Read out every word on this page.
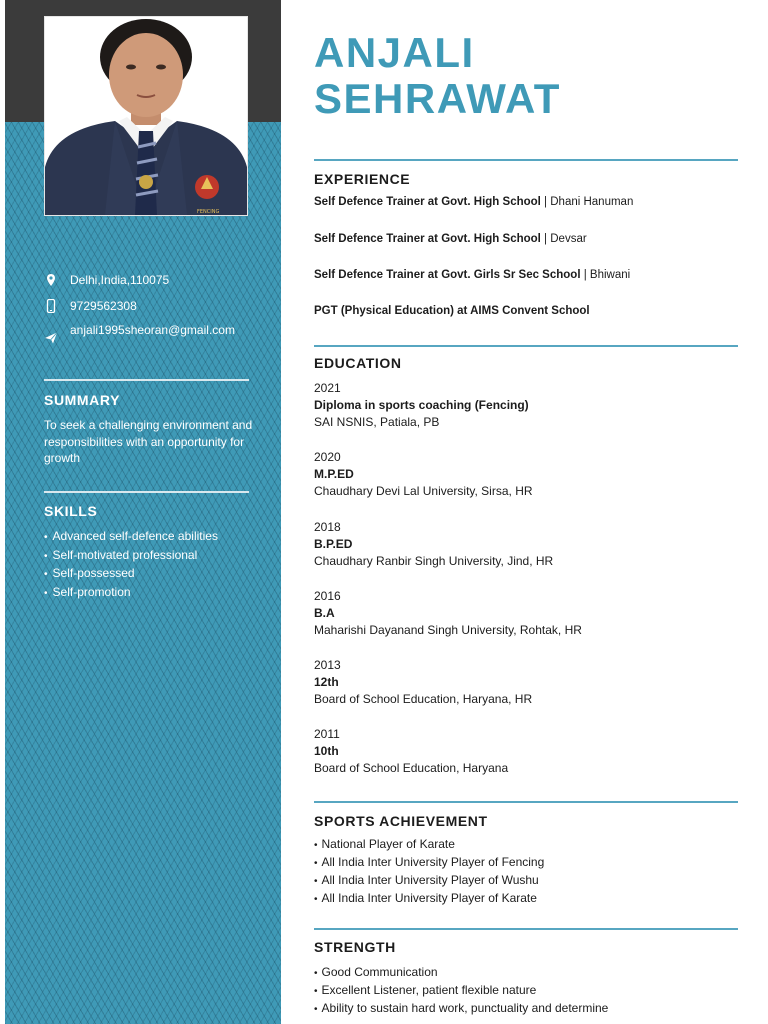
FENCING
Delhi,India,110075
9729562308
anjali1995sheoran@gmail.com
SUMMARY
To seek a challenging environment and responsibilities with an opportunity for growth
SKILLS
• Advanced self-defence abilities
• Self-motivated professional
• Self-possessed
• Self-promotion
ANJALI
SEHRAWAT
EXPERIENCE
Self Defence Trainer at Govt. High School | Dhani Hanuman
Self Defence Trainer at Govt. High School | Devsar
Self Defence Trainer at Govt. Girls Sr Sec School | Bhiwani
PGT (Physical Education) at AIMS Convent School
EDUCATION
2021
Diploma in sports coaching (Fencing)
SAI NSNIS, Patiala, PB
2020
M.P.ED
Chaudhary Devi Lal University, Sirsa, HR
2018
B.P.ED
Chaudhary Ranbir Singh University, Jind, HR
2016
B.A
Maharishi Dayanand Singh University, Rohtak, HR
2013
12th
Board of School Education, Haryana, HR
2011
10th
Board of School Education, Haryana
SPORTS ACHIEVEMENT
• National Player of Karate
• All India Inter University Player of Fencing
• All India Inter University Player of Wushu
• All India Inter University Player of Karate
STRENGTH
• Good Communication
• Excellent Listener, patient flexible nature
• Ability to sustain hard work, punctuality and determine
